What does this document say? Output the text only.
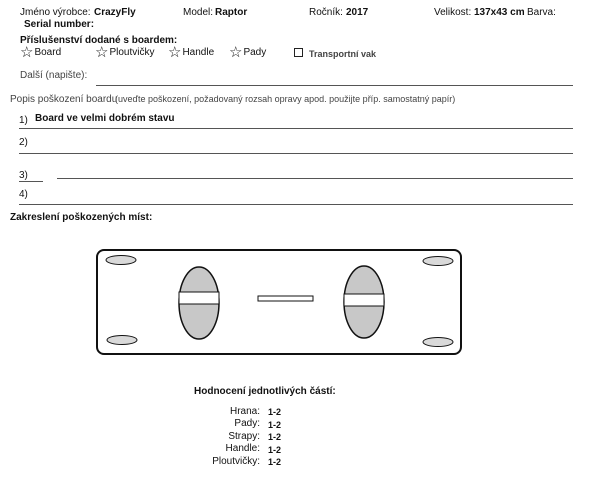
Jméno výrobce: CrazyFly	Model: Raptor	Ročník: 2017	Velikost: 137x43 cm Barva:
Serial number:
Příslušenství dodané s boardem:
☆Board ☆Ploutvičky ☆Handle ☆Pady	Transportní vak
Další (napište):
Popis poškození boardu
(uveďte poškození, požadovaný rozsah opravy apod. použijte příp. samostatný papír)
1) Board ve velmi dobrém stavu
2)
3)
4)
Zakreslení poškozených míst:
Hodnocení jednotlivých částí:
Hrana: 1-2
Pady: 1-2
Strapy: 1-2
Handle: 1-2
Ploutvičky: 1-2
